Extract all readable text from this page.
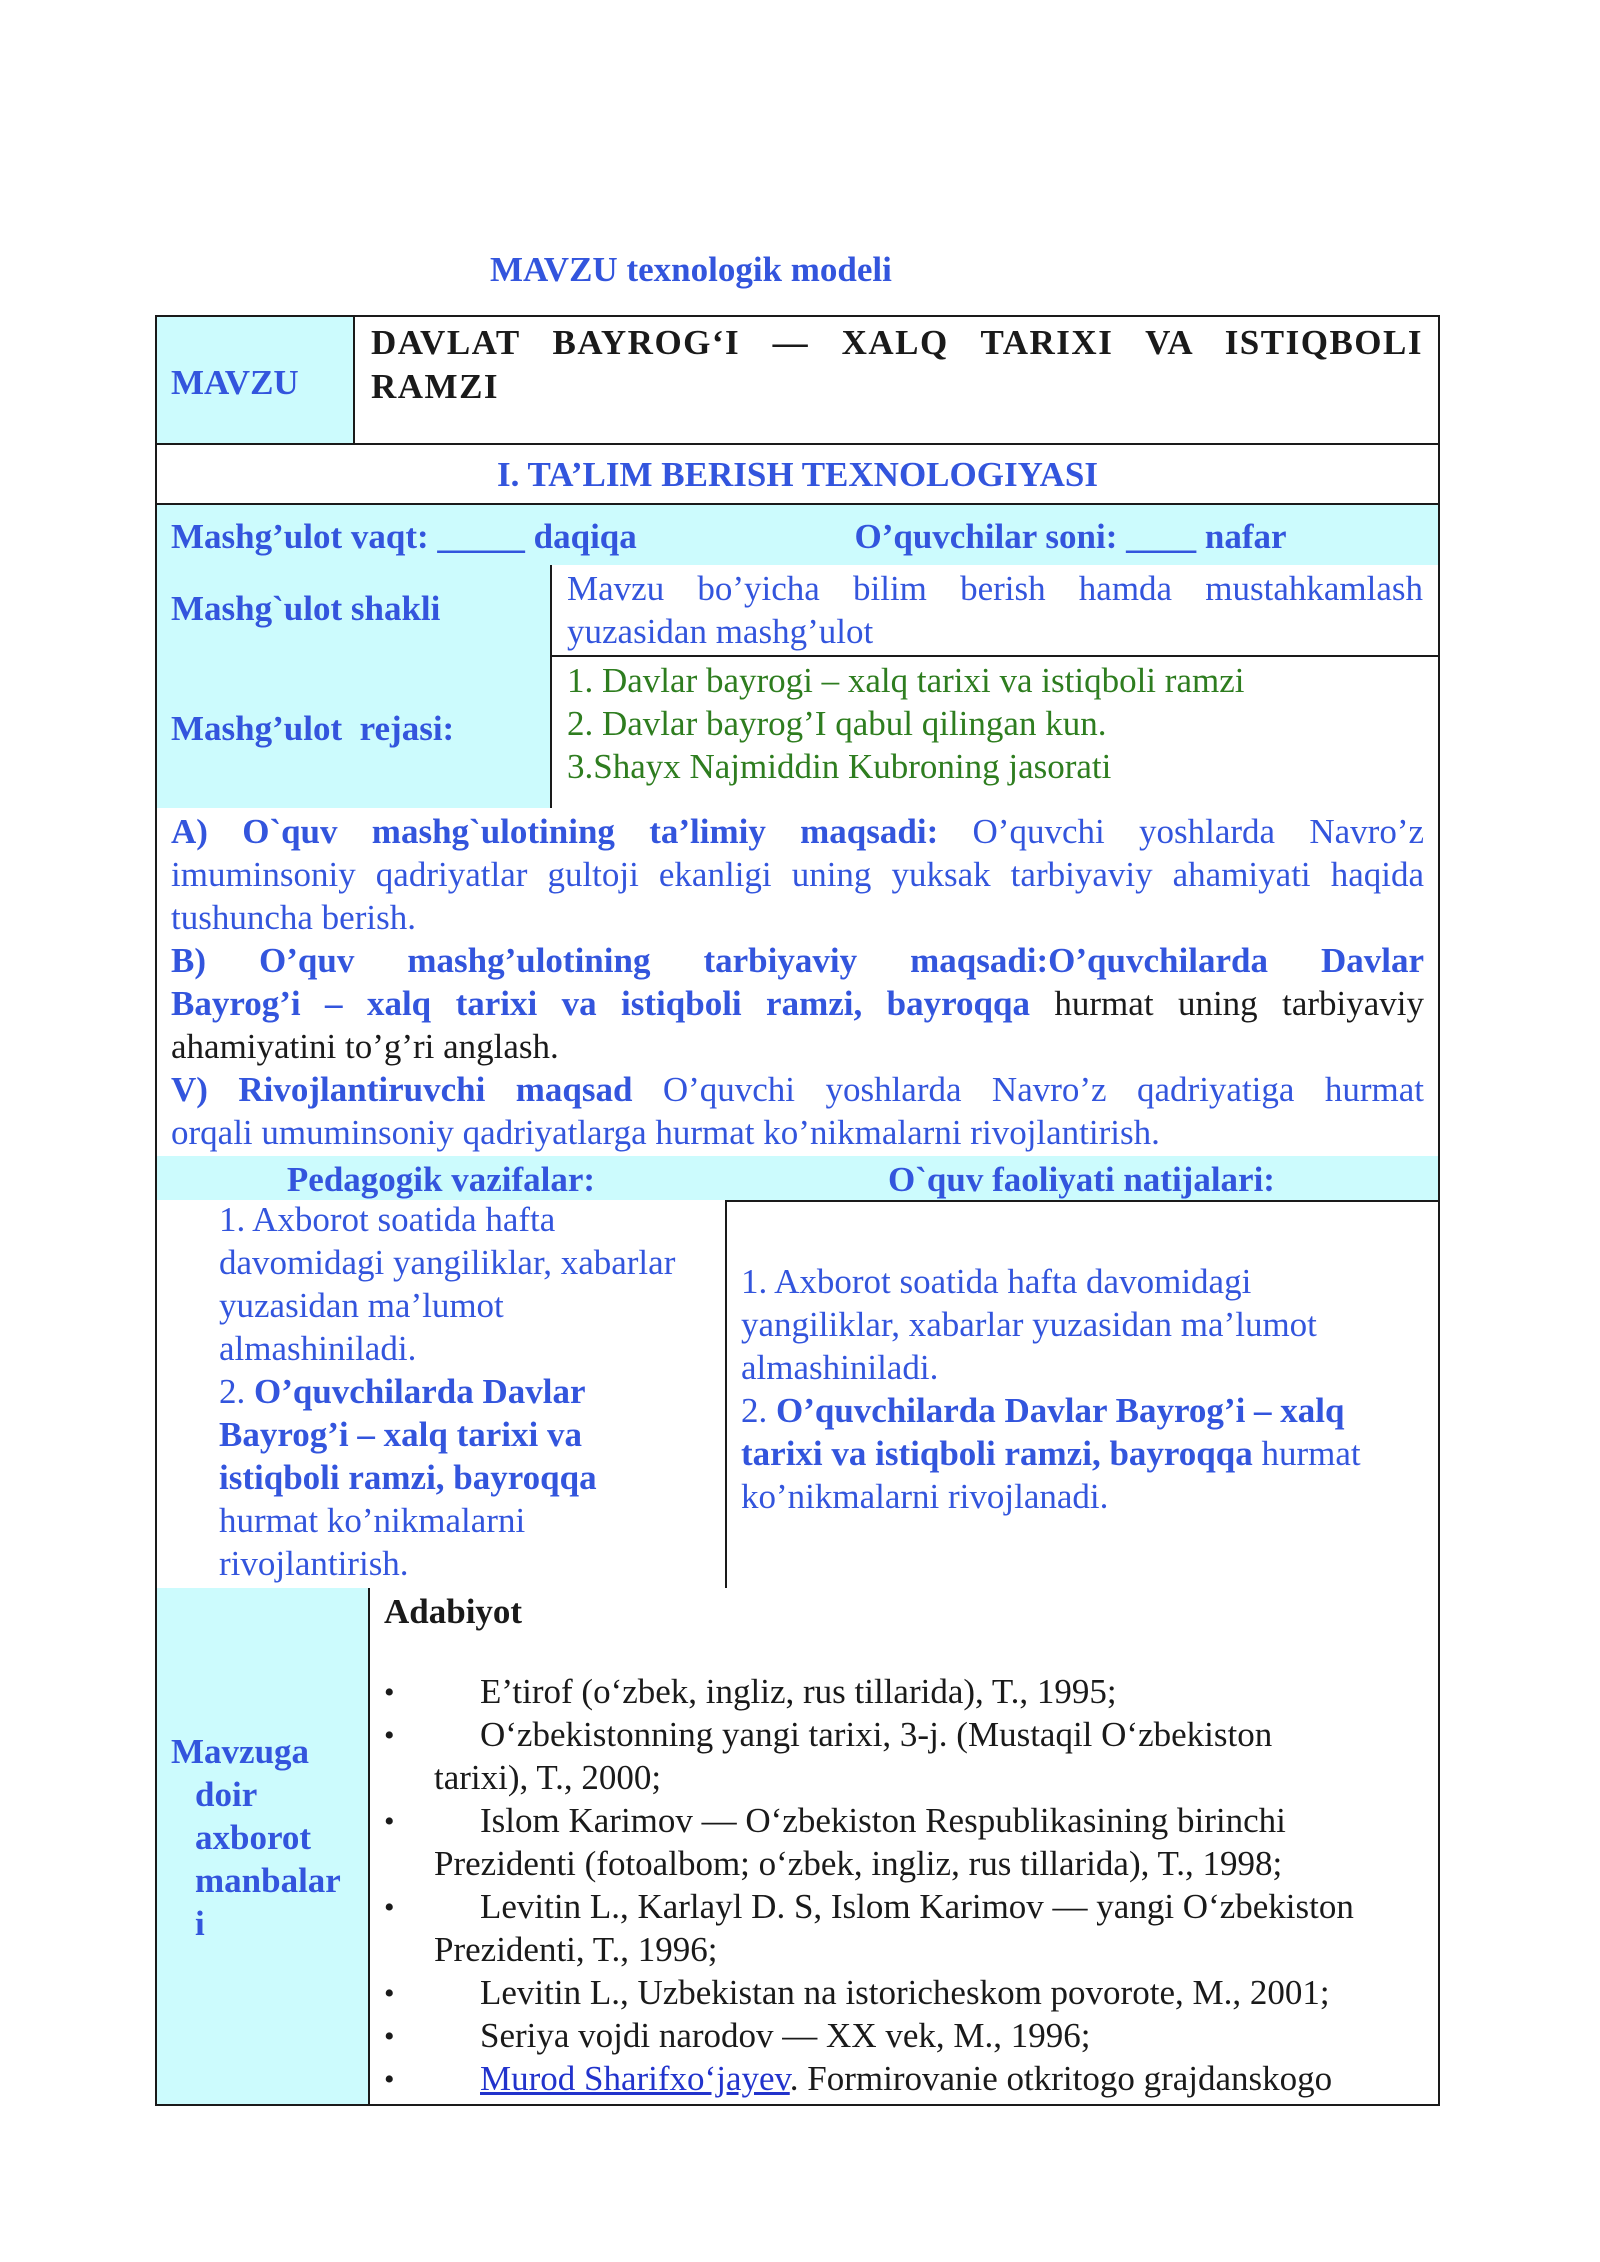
MAVZU texnologik modeli
MAVZU
DAVLAT BAYROG‘I — XALQ TARIXI VA ISTIQBOLI
RAMZI
I. TA’LIM BERISH TEXNOLOGIYASI
Mashg’ulot vaqt: _____ daqiqa	O’quvchilar soni: ____ nafar
Mashg`ulot shakli
Mavzu bo’yicha bilim berish hamda mustahkamlash
yuzasidan mashg’ulot
Mashg’ulot  rejasi:
1. Davlar bayrogi – xalq tarixi va istiqboli ramzi
2. Davlar bayrog’I qabul qilingan kun.
3.Shayx Najmiddin Kubroning jasorati
A) O`quv mashg`ulotining ta’limiy maqsadi: O’quvchi yoshlarda Navro’z
imuminsoniy qadriyatlar gultoji ekanligi uning yuksak tarbiyaviy ahamiyati haqida
tushuncha berish.
B) O’quv mashg’ulotining tarbiyaviy maqsadi:O’quvchilarda Davlar
Bayrog’i – xalq tarixi va istiqboli ramzi, bayroqqa hurmat uning tarbiyaviy
ahamiyatini to’g’ri anglash.
V) Rivojlantiruvchi maqsad O’quvchi yoshlarda Navro’z qadriyatiga hurmat
orqali umuminsoniy qadriyatlarga hurmat ko’nikmalarni rivojlantirish.
Pedagogik vazifalar:	O`quv faoliyati natijalari:
1. Axborot soatida hafta
davomidagi yangiliklar, xabarlar
yuzasidan ma’lumot
almashiniladi.
2. O’quvchilarda Davlar
Bayrog’i – xalq tarixi va
istiqboli ramzi, bayroqqa
hurmat ko’nikmalarni
rivojlantirish.
1. Axborot soatida hafta davomidagi
yangiliklar, xabarlar yuzasidan ma’lumot
almashiniladi.
2. O’quvchilarda Davlar Bayrog’i – xalq
tarixi va istiqboli ramzi, bayroqqa hurmat
ko’nikmalarni rivojlanadi.
Mavzuga
doir
axborot
manbalar
i
Adabiyot
• E’tirof (o‘zbek, ingliz, rus tillarida), T., 1995;
• O‘zbekistonning yangi tarixi, 3-j. (Mustaqil O‘zbekiston
tarixi), T., 2000;
• Islom Karimov — O‘zbekiston Respublikasining birinchi
Prezidenti (fotoalbom; o‘zbek, ingliz, rus tillarida), T., 1998;
• Levitin L., Karlayl D. S, Islom Karimov — yangi O‘zbekiston
Prezidenti, T., 1996;
• Levitin L., Uzbekistan na istoricheskom povorote, M., 2001;
• Seriya vojdi narodov — XX vek, M., 1996;
• Murod Sharifxo‘jayev. Formirovanie otkritogo grajdanskogo
